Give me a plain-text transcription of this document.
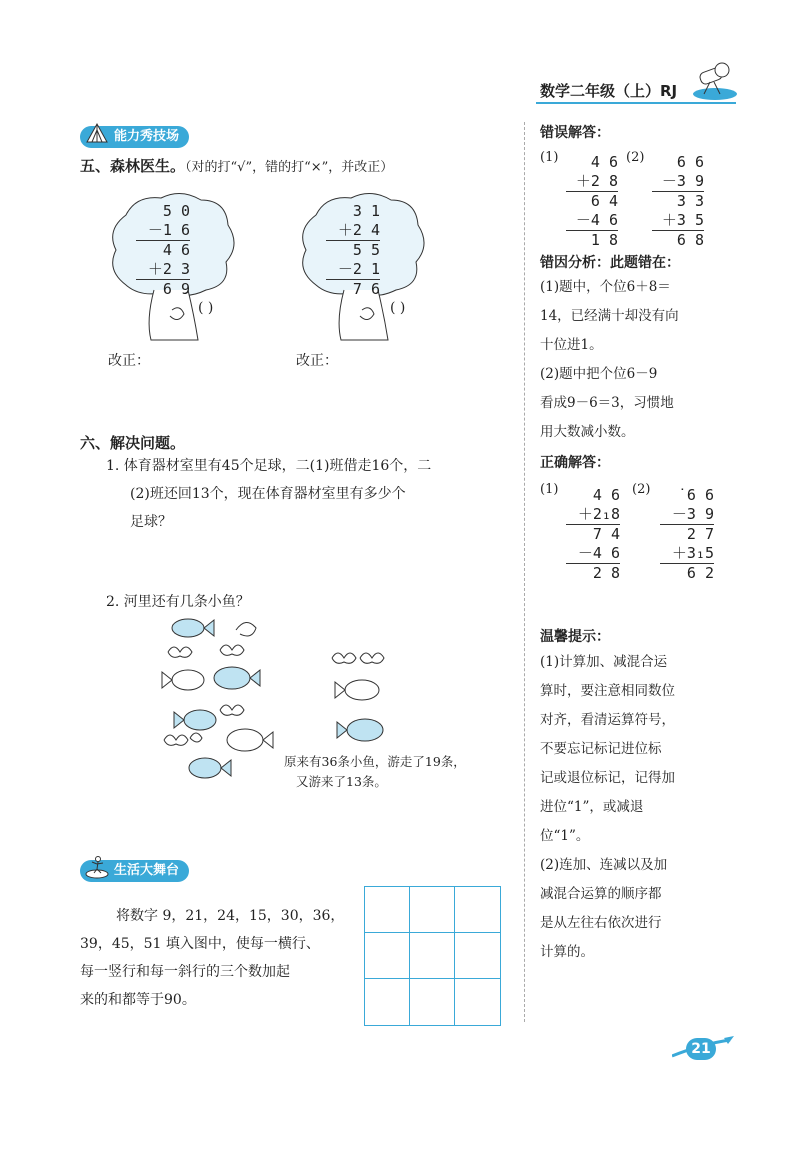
数学二年级（上）RJ
能力秀技场
五、森林医生。（对的打“√”，错的打“×”，并改正）
5 0
－1 6
4 6
＋2 3
6 9
( )
改正：
3 1
＋2 4
5 5
－2 1
7 6
( )
改正：
六、解决问题。
1. 体育器材室里有45个足球，二(1)班借走16个，二
(2)班还回13个，现在体育器材室里有多少个
足球？
2. 河里还有几条小鱼？
原来有36条小鱼，游走了19条，
又游来了13条。
生活大舞台
将数字 9，21，24，15，30，36，
39，45，51 填入图中，使每一横行、
每一竖行和每一斜行的三个数加起
来的和都等于90。
错误解答：
(1)	4 6
＋2 8
6 4
－4 6
1 8
(2)	6 6
－3 9
3 3
＋3 5
6 8
错因分析：此题错在：
(1)题中，个位6＋8＝
14，已经满十却没有向
十位进1。
(2)题中把个位6－9
看成9－6＝3，习惯地
用大数减小数。
正确解答：
(1)	4 6
＋2₁8
7 4
－4 6
2 8
(2)	˙6 6
－3 9
2 7
＋3₁5
6 2
温馨提示：
(1)计算加、减混合运
算时，要注意相同数位
对齐，看清运算符号，
不要忘记标记进位标
记或退位标记，记得加
进位“1”，或减退
位“1”。
(2)连加、连减以及加
减混合运算的顺序都
是从左往右依次进行
计算的。
21
